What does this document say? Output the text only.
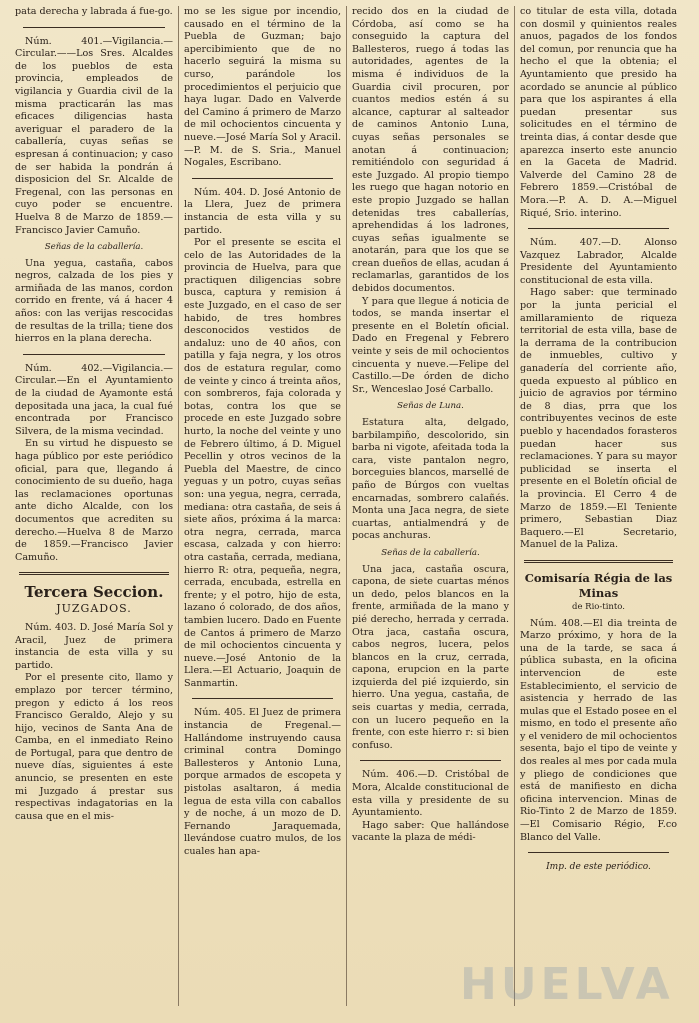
pata derecha y labrada á fue-go.

Núm. 401.—Vigilancia.—Circular.——Los Sres. Alcaldes de los pueblos de esta provincia, empleados de vigilancia y Guardia civil de la misma practicarán las mas eficaces diligencias hasta averiguar el paradero de la caballería, cuyas señas se espresan á continuacion; y caso de ser habida la pondrán á disposicion del Sr. Alcalde de Fregenal, con las personas en cuyo poder se encuentre. Huelva 8 de Marzo de 1859.—Francisco Javier Camuño.

Señas de la caballería.

Una yegua, castaña, cabos negros, calzada de los pies y armiñada de las manos, cordon corrido en frente, vá á hacer 4 años: con las verijas rescocidas de resultas de la trilla; tiene dos hierros en la plana derecha.

Núm. 402.—Vigilancia.—Circular.—En el Ayuntamiento de la ciudad de Ayamonte está depositada una jaca, la cual fué encontrada por Francisco Silvera, de la misma vecindad.

En su virtud he dispuesto se haga público por este periódico oficial, para que, llegando á conocimiento de su dueño, haga las reclamaciones oportunas ante dicho Alcalde, con los documentos que acrediten su derecho.—Huelva 8 de Marzo de 1859.—Francisco Javier Camuño.

Tercera Seccion.
JUZGADOS.

Núm. 403. D. José María Sol y Aracil, Juez de primera instancia de esta villa y su partido.

Por el presente cito, llamo y emplazo por tercer término, pregon y edicto á los reos Francisco Geraldo, Alejo y su hijo, vecinos de Santa Ana de Camba, en el inmediato Reino de Portugal, para que dentro de nueve días, siguientes á este anuncio, se presenten en este mi Juzgado á prestar sus respectivas indagatorias en la causa que en el mis-

mo se les sigue por incendio, causado en el término de la Puebla de Guzman; bajo apercibimiento que de no hacerlo seguirá la misma su curso, parándole los procedimientos el perjuicio que haya lugar. Dado en Valverde del Camino á primero de Marzo de mil ochocientos cincuenta y nueve.—José María Sol y Aracil.—P. M. de S. Sria., Manuel Nogales, Escribano.

Núm. 404. D. José Antonio de la Llera, Juez de primera instancia de esta villa y su partido.

Por el presente se escita el celo de las Autoridades de la provincia de Huelva, para que practiquen diligencias sobre busca, captura y remision á este Juzgado, en el caso de ser habido, de tres hombres desconocidos vestidos de andaluz: uno de 40 años, con patilla y faja negra, y los otros dos de estatura regular, como de veinte y cinco á treinta años, con sombreros, faja colorada y botas, contra los que se procede en este Juzgado sobre hurto, la noche del veinte y uno de Febrero último, á D. Miguel Pecellin y otros vecinos de la Puebla del Maestre, de cinco yeguas y un potro, cuyas señas son: una yegua, negra, cerrada, mediana: otra castaña, de seis á siete años, próxima á la marca: otra negra, cerrada, marca escasa, calzada y con hierro: otra castaña, cerrada, mediana, hierro R: otra, pequeña, negra, cerrada, encubada, estrella en frente; y el potro, hijo de esta, lazano ó colorado, de dos años, tambien lucero. Dado en Fuente de Cantos á primero de Marzo de mil ochocientos cincuenta y nueve.—José Antonio de la Llera.—El Actuario, Joaquin de Sanmartin.

Núm. 405. El Juez de primera instancia de Fregenal.—Hallándome instruyendo causa criminal contra Domingo Ballesteros y Antonio Luna, porque armados de escopeta y pistolas asaltaron, á media legua de esta villa con caballos y de noche, á un mozo de D. Fernando Jaraquemada, llevándose cuatro mulos, de los cuales han apa-

recido dos en la ciudad de Córdoba, así como se ha conseguido la captura del Ballesteros, ruego á todas las autoridades, agentes de la misma é individuos de la Guardia civil procuren, por cuantos medios estén á su alcance, capturar al salteador de caminos Antonio Luna, cuyas señas personales se anotan á continuacion; remitiéndolo con seguridad á este Juzgado. Al propio tiempo les ruego que hagan notorio en este propio Juzgado se hallan detenidas tres caballerías, aprehendidas á los ladrones, cuyas señas igualmente se anotarán, para que los que se crean dueños de ellas, acudan á reclamarlas, garantidos de los debidos documentos.

Y para que llegue á noticia de todos, se manda insertar el presente en el Boletín oficial. Dado en Fregenal y Febrero veinte y seis de mil ochocientos cincuenta y nueve.—Felipe del Castillo.—De órden de dicho Sr., Wenceslao José Carballo.

Señas de Luna.

Estatura alta, delgado, barbilampiño, descolorido, sin barba ni vigote, afeitada toda la cara, viste pantalon negro, borceguies blancos, marsellé de paño de Búrgos con vueltas encarnadas, sombrero calañés. Monta una Jaca negra, de siete cuartas, antialmendrá y de pocas anchuras.

Señas de la caballería.

Una jaca, castaña oscura, capona, de siete cuartas ménos un dedo, pelos blancos en la frente, armiñada de la mano y pié derecho, herrada y cerrada. Otra jaca, castaña oscura, cabos negros, lucera, pelos blancos en la cruz, cerrada, capona, erupcion en la parte izquierda del pié izquierdo, sin hierro. Una yegua, castaña, de seis cuartas y media, cerrada, con un lucero pequeño en la frente, con este hierro r: si bien confuso.

Núm. 406.—D. Cristóbal de Mora, Alcalde constitucional de esta villa y presidente de su Ayuntamiento.

Hago saber: Que hallándose vacante la plaza de médi-

co titular de esta villa, dotada con dosmil y quinientos reales anuos, pagados de los fondos del comun, por renuncia que ha hecho el que la obtenia; el Ayuntamiento que presido ha acordado se anuncie al público para que los aspirantes á ella puedan presentar sus solicitudes en el término de treinta dias, á contar desde que aparezca inserto este anuncio en la Gaceta de Madrid. Valverde del Camino 28 de Febrero 1859.—Cristóbal de Mora.—P. A. D. A.—Miguel Riqué, Srio. interino.

Núm. 407.—D. Alonso Vazquez Labrador, Alcalde Presidente del Ayuntamiento constitucional de esta villa.

Hago saber: que terminado por la junta pericial el amillaramiento de riqueza territorial de esta villa, base de la derrama de la contribucion de inmuebles, cultivo y ganadería del corriente año, queda expuesto al público en juicio de agravios por término de 8 dias, prra que los contribuyentes vecinos de este pueblo y hacendados forasteros puedan hacer sus reclamaciones. Y para su mayor publicidad se inserta el presente en el Boletín oficial de la provincia. El Cerro 4 de Marzo de 1859.—El Teniente primero, Sebastian Diaz Baquero.—El Secretario, Manuel de la Paliza.

Comisaría Régia de las Minas

de Rio-tinto.

Núm. 408.—El dia treinta de Marzo próximo, y hora de la una de la tarde, se saca á pública subasta, en la oficina intervencion de este Establecimiento, el servicio de asistencia y herrado de las mulas que el Estado posee en el mismo, en todo el presente año y el venidero de mil ochocientos sesenta, bajo el tipo de veinte y dos reales al mes por cada mula y pliego de condiciones que está de manifiesto en dicha oficina intervencion. Minas de Rio-Tinto 2 de Marzo de 1859.—El Comisario Régio, F.co Blanco del Valle.

Imp. de este periódico.

HUELVA
